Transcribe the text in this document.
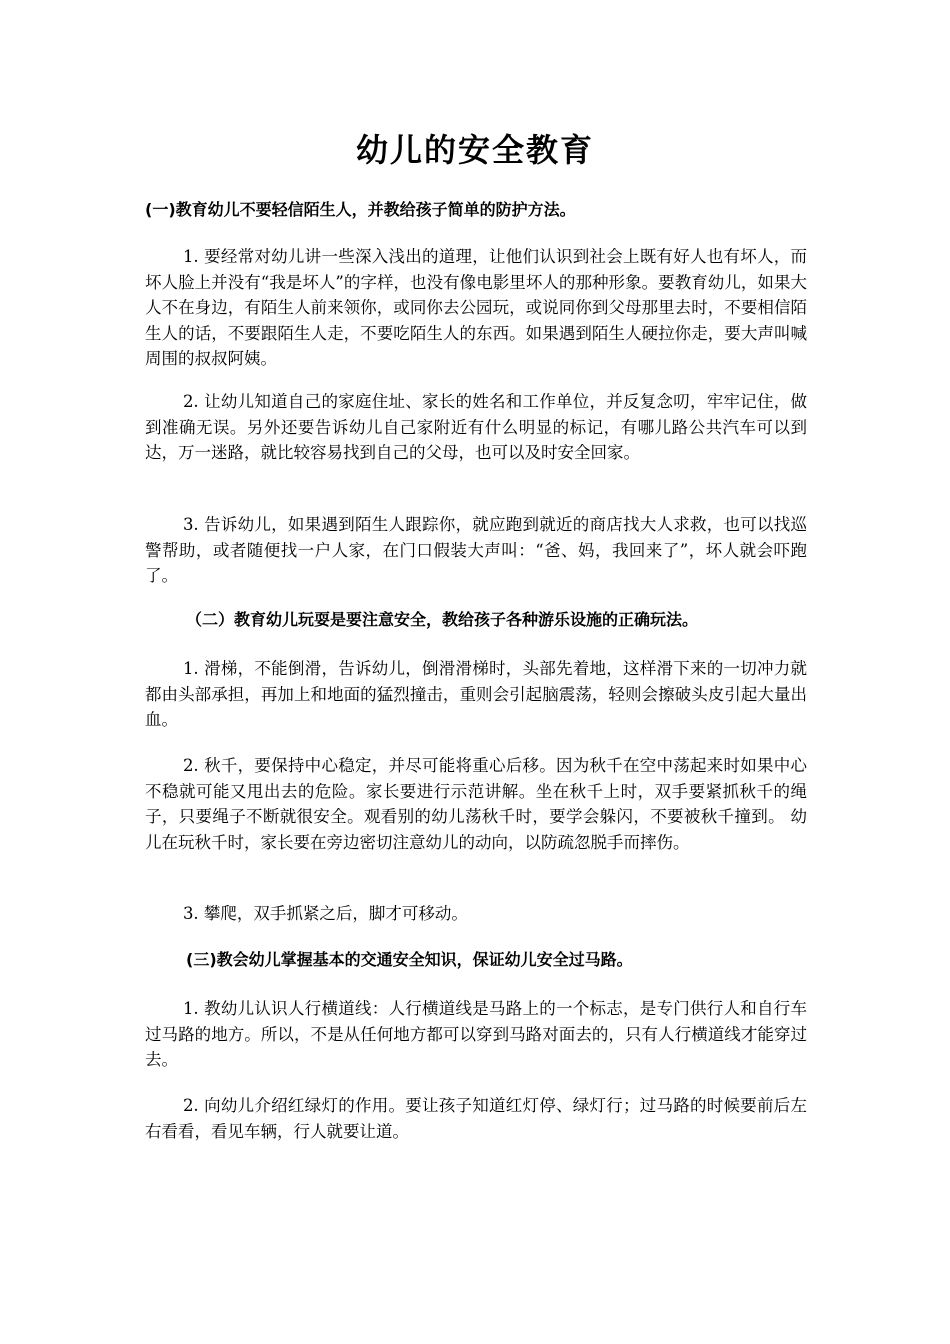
幼儿的安全教育
(一)教育幼儿不要轻信陌生人，并教给孩子简单的防护方法。
1. 要经常对幼儿讲一些深入浅出的道理，让他们认识到社会上既有好人也有坏人，而坏人脸上并没有“我是坏人”的字样，也没有像电影里坏人的那种形象。要教育幼儿，如果大人不在身边，有陌生人前来领你，或同你去公园玩，或说同你到父母那里去时，不要相信陌生人的话，不要跟陌生人走，不要吃陌生人的东西。如果遇到陌生人硬拉你走，要大声叫喊周围的叔叔阿姨。
2. 让幼儿知道自己的家庭住址、家长的姓名和工作单位，并反复念叨，牢牢记住，做到准确无误。另外还要告诉幼儿自己家附近有什么明显的标记，有哪儿路公共汽车可以到达，万一迷路，就比较容易找到自己的父母，也可以及时安全回家。
3. 告诉幼儿，如果遇到陌生人跟踪你，就应跑到就近的商店找大人求救，也可以找巡警帮助，或者随便找一户人家，在门口假装大声叫：“爸、妈，我回来了”，坏人就会吓跑了。
（二）教育幼儿玩耍是要注意安全，教给孩子各种游乐设施的正确玩法。
1. 滑梯，不能倒滑，告诉幼儿，倒滑滑梯时，头部先着地，这样滑下来的一切冲力就都由头部承担，再加上和地面的猛烈撞击，重则会引起脑震荡，轻则会擦破头皮引起大量出血。
2. 秋千，要保持中心稳定，并尽可能将重心后移。因为秋千在空中荡起来时如果中心不稳就可能又甩出去的危险。家长要进行示范讲解。坐在秋千上时，双手要紧抓秋千的绳子，只要绳子不断就很安全。观看别的幼儿荡秋千时，要学会躲闪，不要被秋千撞到。 幼儿在玩秋千时，家长要在旁边密切注意幼儿的动向，以防疏忽脱手而摔伤。
3. 攀爬，双手抓紧之后，脚才可移动。
(三)教会幼儿掌握基本的交通安全知识，保证幼儿安全过马路。
1. 教幼儿认识人行横道线：人行横道线是马路上的一个标志，是专门供行人和自行车过马路的地方。所以，不是从任何地方都可以穿到马路对面去的，只有人行横道线才能穿过去。
2. 向幼儿介绍红绿灯的作用。要让孩子知道红灯停、绿灯行；过马路的时候要前后左右看看，看见车辆，行人就要让道。
